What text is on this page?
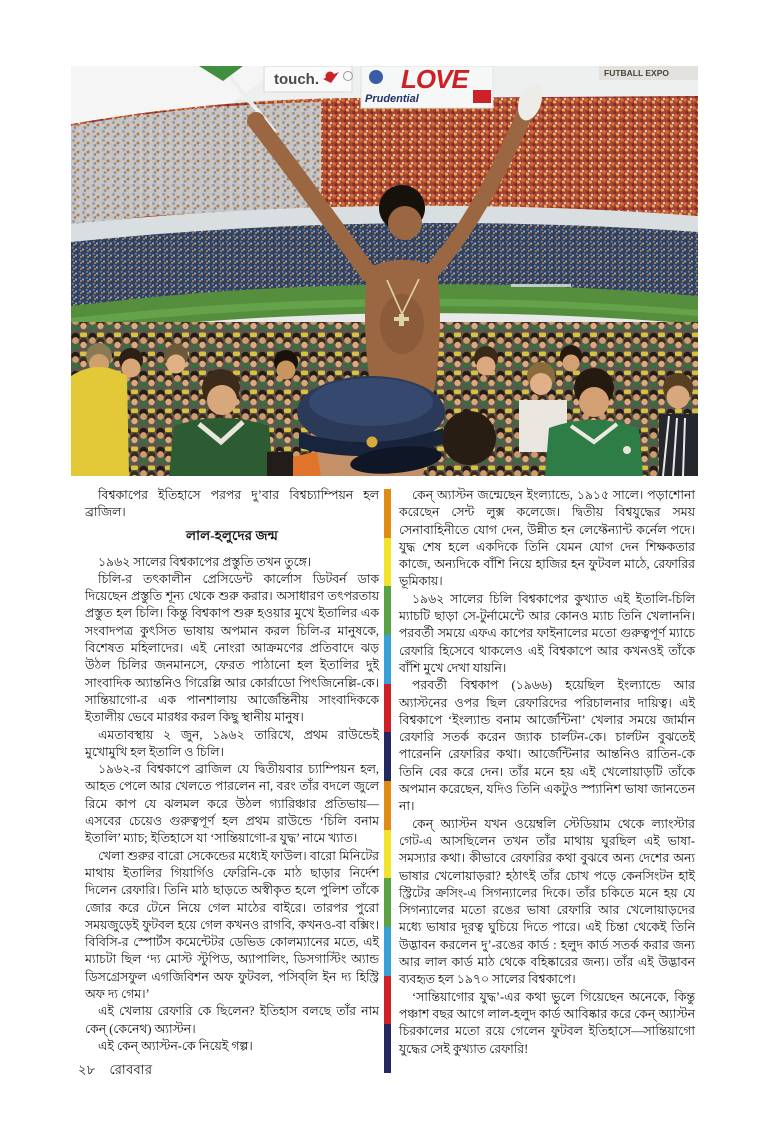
touch.
Prudential
LOVE	FUTBALL EXPO

বিশ্বকাপের ইতিহাসে পরপর দু’বার বিশ্বচ্যাম্পিয়ন হল ব্রাজিল।

লাল-হলুদের জন্ম

১৯৬২ সালের বিশ্বকাপের প্রস্তুতি তখন তুঙ্গে।

চিলি-র তৎকালীন প্রেসিডেন্ট কার্লোস ডিটবর্ন ডাক দিয়েছেন প্রস্তুতি শূন্য থেকে শুরু করার। অসাধারণ তৎপরতায় প্রস্তুত হল চিলি। কিন্তু বিশ্বকাপ শুরু হওয়ার মুখে ইতালির এক সংবাদপত্র কুৎসিত ভাষায় অপমান করল চিলি-র মানুষকে, বিশেষত মহিলাদের। এই নোংরা আক্রমণের প্রতিবাদে ঝড় উঠল চিলির জনমানসে, ফেরত পাঠানো হল ইতালির দুই সাংবাদিক অ্যান্তনিও গিরেল্লি আর কোর্রাডো পিৎজিনেল্লি-কে। সান্তিয়াগো-র এক পানশালায় আর্জেন্তিনীয় সাংবাদিককে ইতালীয় ভেবে মারধর করল কিছু স্থানীয় মানুষ।

এমতাবস্থায় ২ জুন, ১৯৬২ তারিখে, প্রথম রাউন্ডেই মুখোমুখি হল ইতালি ও চিলি।

১৯৬২-র বিশ্বকাপে ব্রাজিল যে দ্বিতীয়বার চ্যাম্পিয়ন হল, আহত পেলে আর খেলতে পারলেন না, বরং তাঁর বদলে জুলে রিমে কাপ যে ঝলমল করে উঠল গ্যারিঞ্চার প্রতিভায়—এসবের চেয়েও গুরুত্বপূর্ণ হল প্রথম রাউন্ডে ‘চিলি বনাম ইতালি’ ম্যাচ; ইতিহাসে যা ‘সান্তিয়াগো-র যুদ্ধ’ নামে খ্যাত।

খেলা শুরুর বারো সেকেন্ডের মধ্যেই ফাউল। বারো মিনিটের মাথায় ইতালির গিয়ার্গিও ফেরিনি-কে মাঠ ছাড়ার নির্দেশ দিলেন রেফারি। তিনি মাঠ ছাড়তে অস্বীকৃত হলে পুলিশ তাঁকে জোর করে টেনে নিয়ে গেল মাঠের বাইরে। তারপর পুরো সময়জুড়েই ফুটবল হয়ে গেল কখনও রাগবি, কখনও-বা বক্সিং। বিবিসি-র স্পোর্টস কমেন্টেটর ডেভিড কোলম্যানের মতে, এই ম্যাচটা ছিল ‘দ্য মোস্ট স্টুপিড, অ্যাপালিং, ডিসগাস্টিং অ্যান্ড ডিসগ্রেসফুল এগজিবিশন অফ ফুটবল, পসিব্‌লি ইন দ্য হিস্ট্রি অফ দ্য গেম।’

এই খেলায় রেফারি কে ছিলেন? ইতিহাস বলছে তাঁর নাম কেন্ (কেনেথ) অ্যাস্টন।

এই কেন্ অ্যাস্টন-কে নিয়েই গল্প।

কেন্ অ্যাস্টন জন্মেছেন ইংল্যান্ডে, ১৯১৫ সালে। পড়াশোনা করেছেন সেন্ট লুক্স কলেজে। দ্বিতীয় বিশ্বযুদ্ধের সময় সেনাবাহিনীতে যোগ দেন, উন্নীত হন লেফ্টেন্যান্ট কর্নেল পদে। যুদ্ধ শেষ হলে একদিকে তিনি যেমন যোগ দেন শিক্ষকতার কাজে, অন্যদিকে বাঁশি নিয়ে হাজির হন ফুটবল মাঠে, রেফারির ভূমিকায়।

১৯৬২ সালের চিলি বিশ্বকাপের কুখ্যাত এই ইতালি-চিলি ম্যাচটি ছাড়া সে-টুর্নামেন্টে আর কোনও ম্যাচ তিনি খেলাননি। পরবর্তী সময়ে এফএ কাপের ফাইনালের মতো গুরুত্বপূর্ণ ম্যাচে রেফারি হিসেবে থাকলেও এই বিশ্বকাপে আর কখনওই তাঁকে বাঁশি মুখে দেখা যায়নি।

পরবর্তী বিশ্বকাপ (১৯৬৬) হয়েছিল ইংল্যান্ডে আর অ্যাস্টনের ওপর ছিল রেফারিদের পরিচালনার দায়িত্ব। এই বিশ্বকাপে ‘ইংল্যান্ড বনাম আর্জেন্টিনা’ খেলার সময়ে জার্মান রেফারি সতর্ক করেন জ্যাক চার্লটন-কে। চার্লটন বুঝতেই পারেননি রেফারির কথা। আর্জেন্টিনার আন্তনিও রাতিন-কে তিনি বের করে দেন। তাঁর মনে হয় এই খেলোয়াড়টি তাঁকে অপমান করেছেন, যদিও তিনি একটুও স্প্যানিশ ভাষা জানতেন না।

কেন্ অ্যাস্টন যখন ওয়েম্বলি স্টেডিয়াম থেকে ল্যাংস্টার গেট-এ আসছিলেন তখন তাঁর মাথায় ঘুরছিল এই ভাষা-সমস্যার কথা। কীভাবে রেফারির কথা বুঝবে অন্য দেশের অন্য ভাষার খেলোয়াড়রা? হঠাৎই তাঁর চোখ পড়ে কেনসিংটন হাই স্ট্রিটের ক্রসিং-এ সিগন্যালের দিকে। তাঁর চকিতে মনে হয় যে সিগন্যালের মতো রঙের ভাষা রেফারি আর খেলোয়াড়দের মধ্যে ভাষার দূরত্ব ঘুচিয়ে দিতে পারে। এই চিন্তা থেকেই তিনি উদ্ভাবন করলেন দু’-রঙের কার্ড : হলুদ কার্ড সতর্ক করার জন্য আর লাল কার্ড মাঠ থেকে বহিষ্কারের জন্য। তাঁর এই উদ্ভাবন ব্যবহৃত হল ১৯৭০ সালের বিশ্বকাপে।

‘সান্তিয়াগোর যুদ্ধ’-এর কথা ভুলে গিয়েছেন অনেকে, কিন্তু পঞ্চাশ বছর আগে লাল-হলুদ কার্ড আবিষ্কার করে কেন্ অ্যাস্টন চিরকালের মতো রয়ে গেলেন ফুটবল ইতিহাসে—সান্তিয়াগো যুদ্ধের সেই কুখ্যাত রেফারি!

২৮ রোববার
